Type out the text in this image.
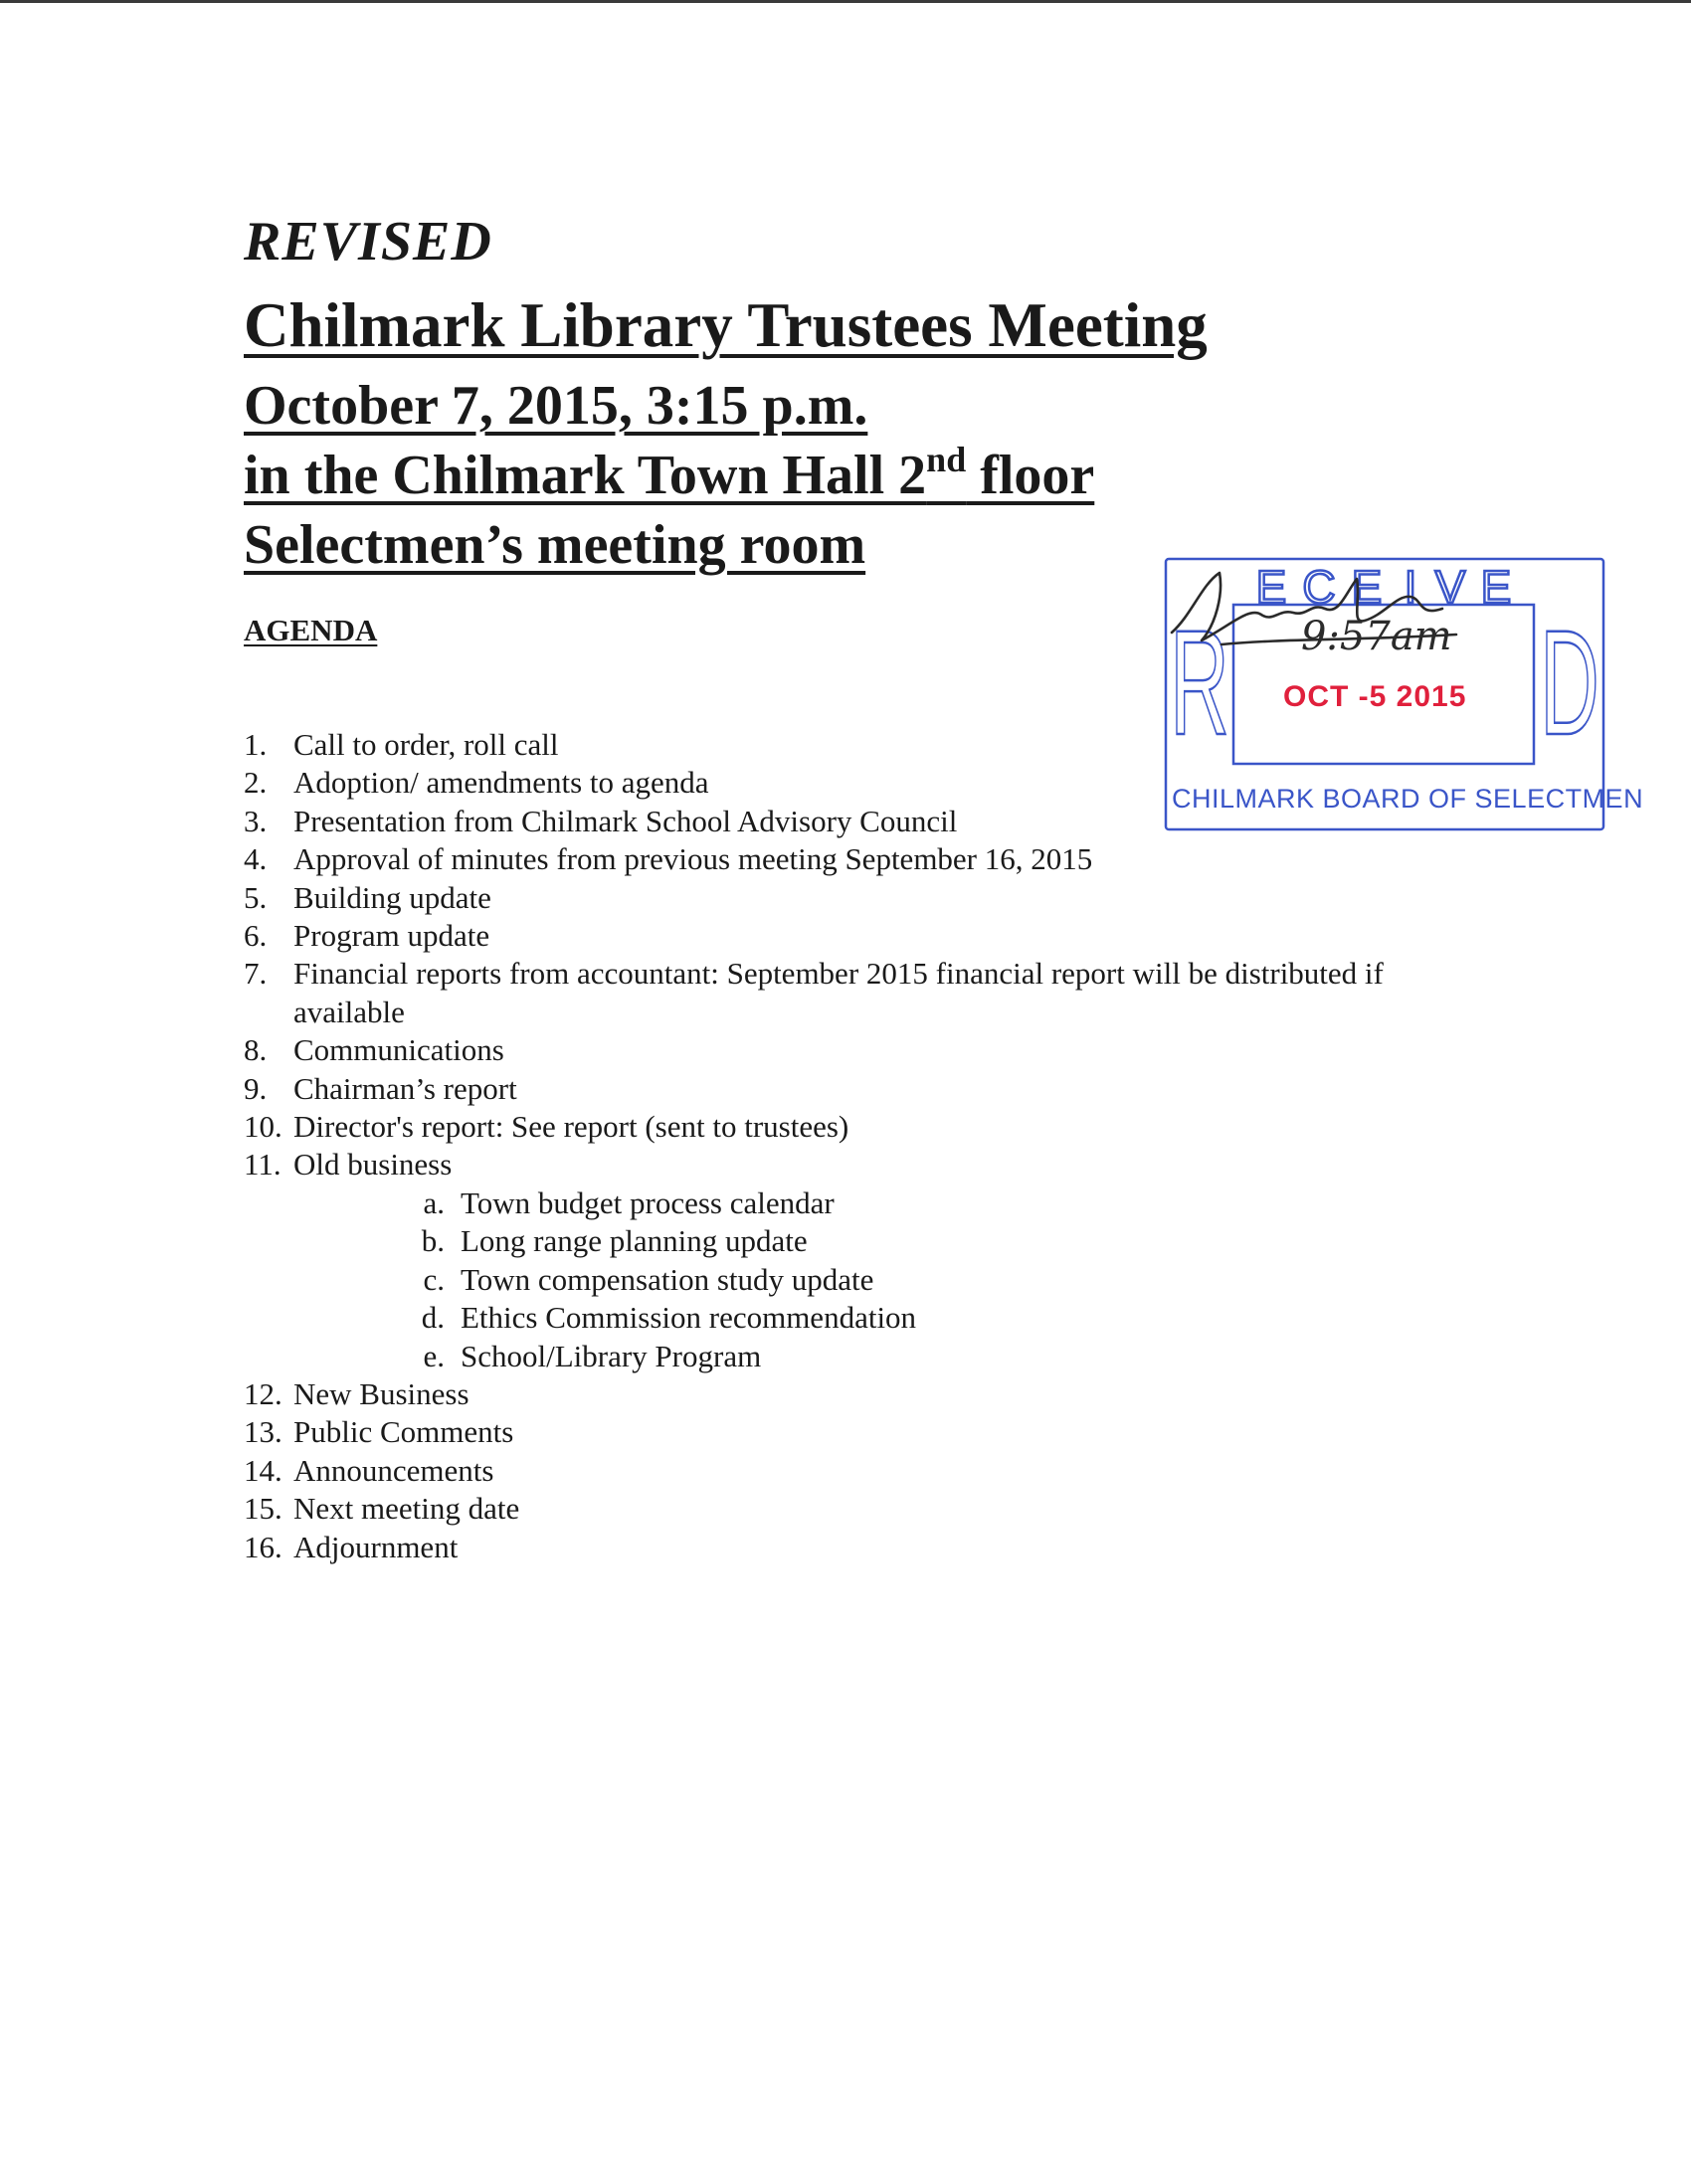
REVISED
Chilmark Library Trustees Meeting
October 7, 2015, 3:15 p.m.
in the Chilmark Town Hall 2nd floor
Selectmen’s meeting room
AGENDA
1. Call to order, roll call
2. Adoption/ amendments to agenda
3. Presentation from Chilmark School Advisory Council
4. Approval of minutes from previous meeting September 16, 2015
5. Building update
6. Program update
7. Financial reports from accountant: September 2015 financial report will be distributed if available
8. Communications
9. Chairman’s report
10. Director's report: See report (sent to trustees)
11. Old business
a. Town budget process calendar
b. Long range planning update
c. Town compensation study update
d. Ethics Commission recommendation
e. School/Library Program
12. New Business
13. Public Comments
14. Announcements
15. Next meeting date
16. Adjournment
R
E C E I V E
D
9:57am
OCT -5 2015
CHILMARK BOARD OF SELECTMEN
